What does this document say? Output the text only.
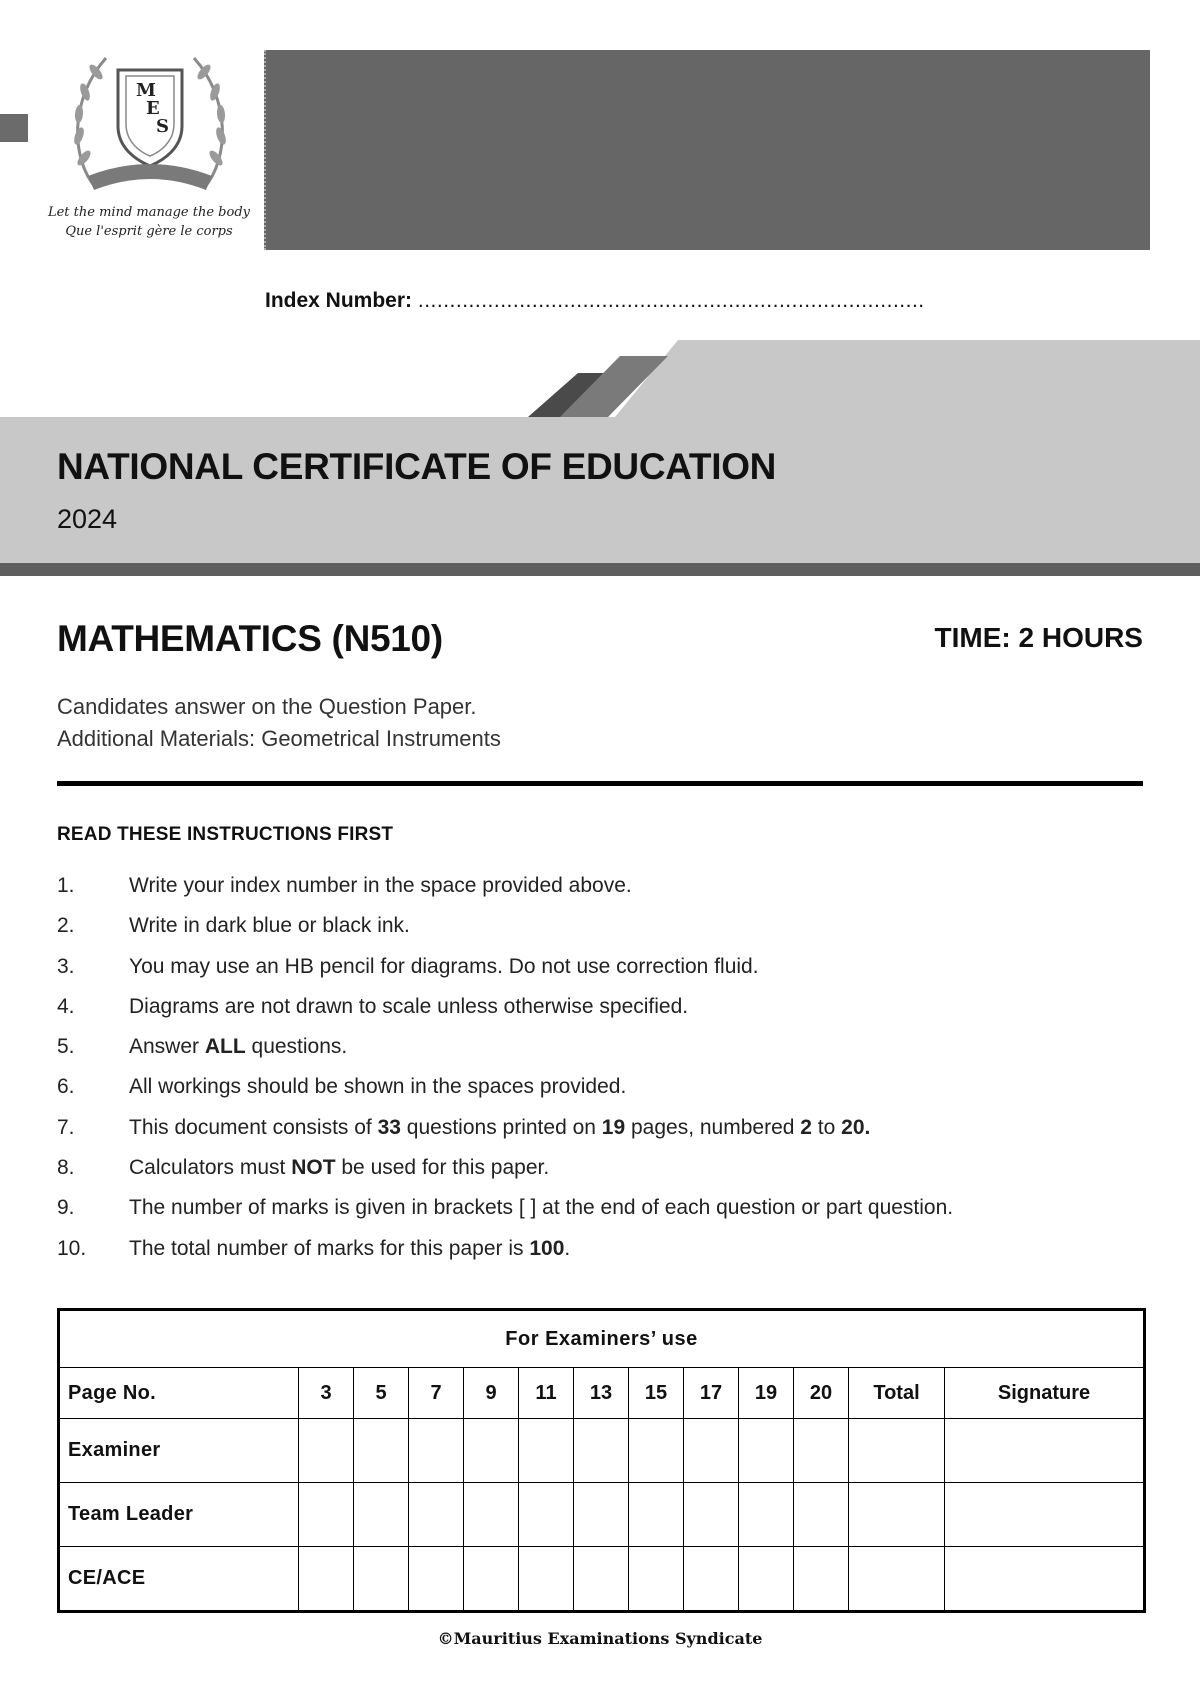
M
E
S
Let the mind manage the body
Que l'esprit gère le corps
Index Number: ................................................................................
NATIONAL CERTIFICATE OF EDUCATION
2024
MATHEMATICS (N510)	TIME: 2 HOURS
Candidates answer on the Question Paper.
Additional Materials: Geometrical Instruments
READ THESE INSTRUCTIONS FIRST
1.	Write your index number in the space provided above.
2.	Write in dark blue or black ink.
3.	You may use an HB pencil for diagrams. Do not use correction fluid.
4.	Diagrams are not drawn to scale unless otherwise specified.
5.	Answer ALL questions.
6.	All workings should be shown in the spaces provided.
7.	This document consists of 33 questions printed on 19 pages, numbered 2 to 20.
8.	Calculators must NOT be used for this paper.
9.	The number of marks is given in brackets [ ] at the end of each question or part question.
10. The total number of marks for this paper is 100.
For Examiners’ use												
Page No.	3	5	7	9	11	13	15	17	19	20	Total	Signature
Examiner												
Team Leader												
CE/ACE												
©Mauritius Examinations Syndicate
